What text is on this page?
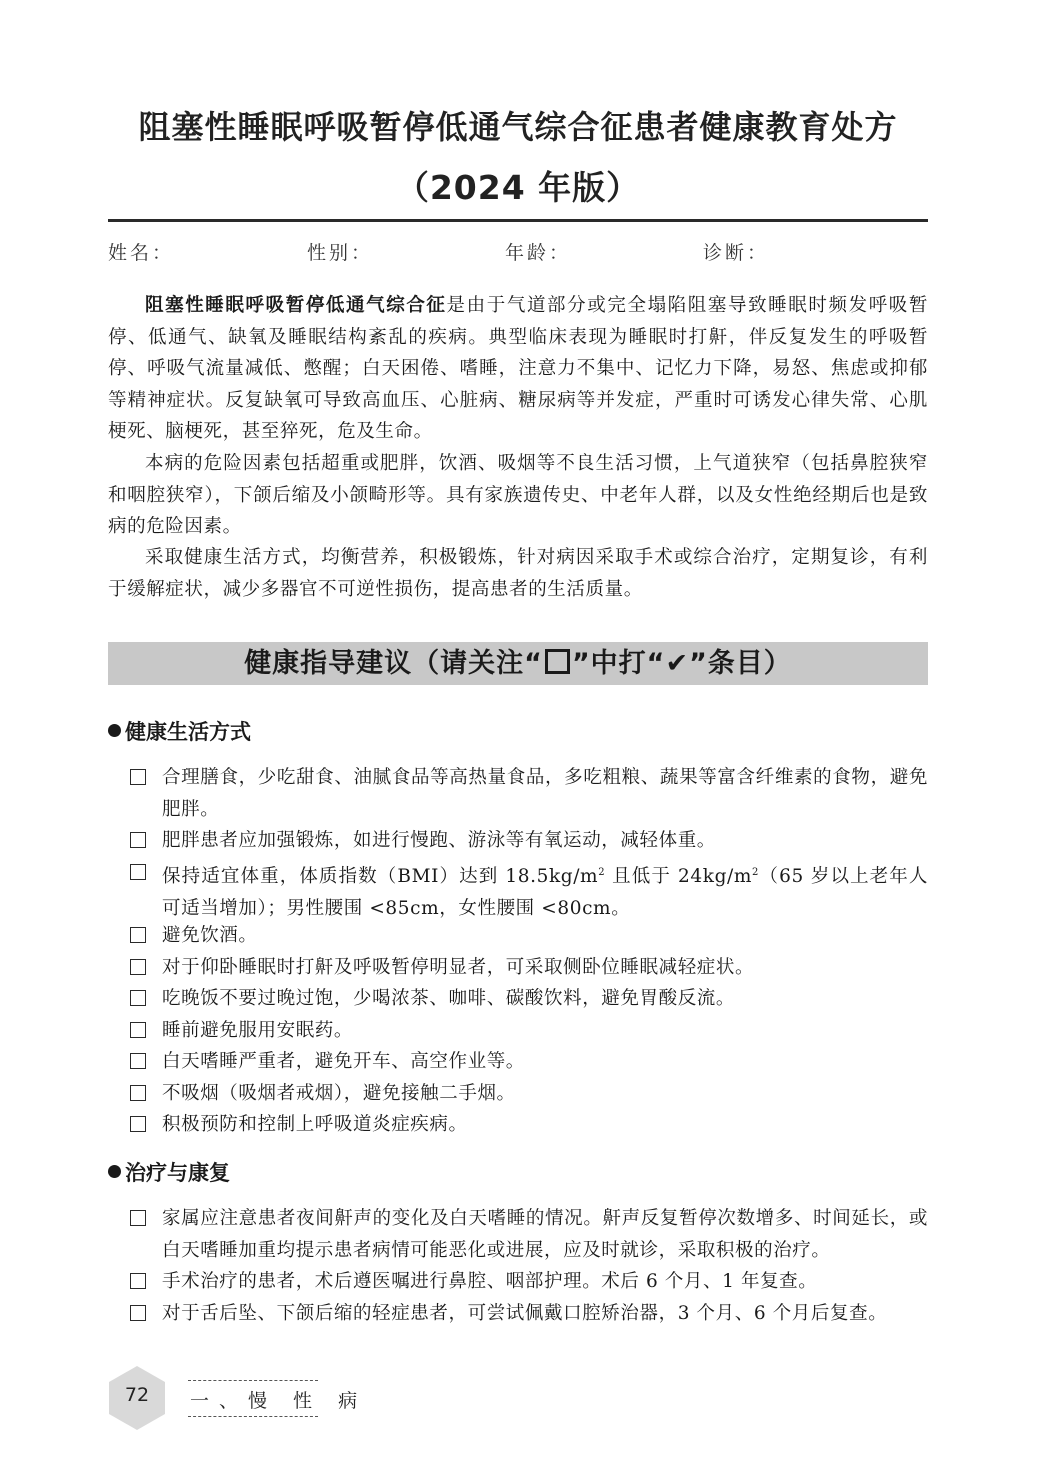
阻塞性睡眠呼吸暂停低通气综合征患者健康教育处方
（2024 年版）
姓名：	性别：	年龄：	诊断：

阻塞性睡眠呼吸暂停低通气综合征是由于气道部分或完全塌陷阻塞导致睡眠时频发呼吸暂停、低通气、缺氧及睡眠结构紊乱的疾病。典型临床表现为睡眠时打鼾，伴反复发生的呼吸暂停、呼吸气流量减低、憋醒；白天困倦、嗜睡，注意力不集中、记忆力下降，易怒、焦虑或抑郁等精神症状。反复缺氧可导致高血压、心脏病、糖尿病等并发症，严重时可诱发心律失常、心肌梗死、脑梗死，甚至猝死，危及生命。

本病的危险因素包括超重或肥胖，饮酒、吸烟等不良生活习惯，上气道狭窄（包括鼻腔狭窄和咽腔狭窄），下颌后缩及小颌畸形等。具有家族遗传史、中老年人群，以及女性绝经期后也是致病的危险因素。

采取健康生活方式，均衡营养，积极锻炼，针对病因采取手术或综合治疗，定期复诊，有利于缓解症状，减少多器官不可逆性损伤，提高患者的生活质量。

健康指导建议（请关注“ ”中打“✔”条目）
健康生活方式
合理膳食，少吃甜食、油腻食品等高热量食品，多吃粗粮、蔬果等富含纤维素的食物，避免肥胖。
肥胖患者应加强锻炼，如进行慢跑、游泳等有氧运动，减轻体重。
保持适宜体重，体质指数（BMI）达到 $18.5kg/m^2$ 且低于 $24kg/m^2(65$ 岁以上老年人可适当增加）；男性腰围 <85cm，女性腰围 <80cm。
避免饮酒。
对于仰卧睡眠时打鼾及呼吸暂停明显者，可采取侧卧位睡眠减轻症状。
吃晚饭不要过晚过饱，少喝浓茶、咖啡、碳酸饮料，避免胃酸反流。
睡前避免服用安眠药。
白天嗜睡严重者，避免开车、高空作业等。
不吸烟（吸烟者戒烟），避免接触二手烟。
积极预防和控制上呼吸道炎症疾病。
治疗与康复
家属应注意患者夜间鼾声的变化及白天嗜睡的情况。鼾声反复暂停次数增多、时间延长，或白天嗜睡加重均提示患者病情可能恶化或进展，应及时就诊，采取积极的治疗。
手术治疗的患者，术后遵医嘱进行鼻腔、咽部护理。术后 6 个月、1 年复查。
对于舌后坠、下颌后缩的轻症患者，可尝试佩戴口腔矫治器，3 个月、6 个月后复查。
72	一、慢 性 病
